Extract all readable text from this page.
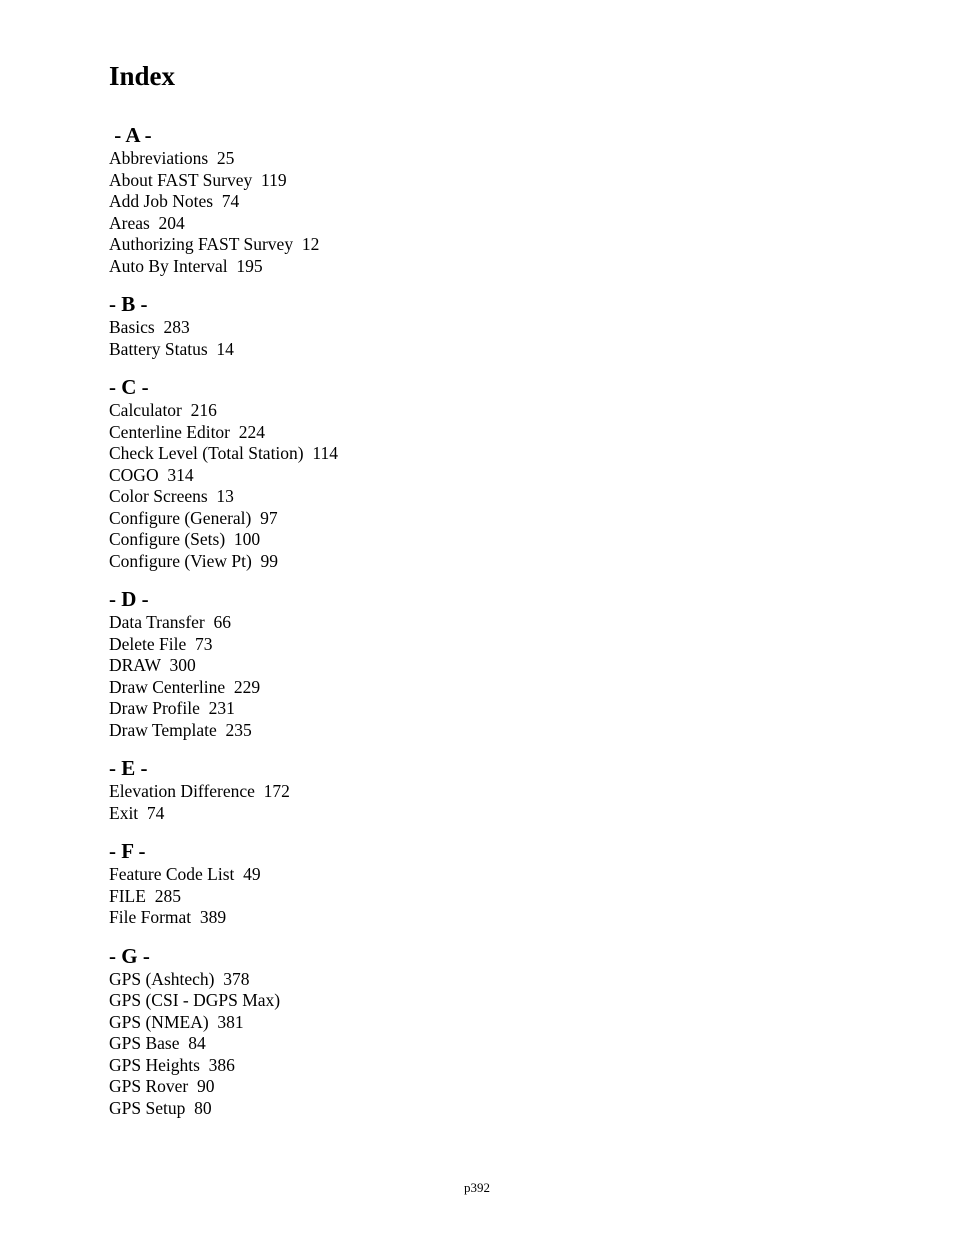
Index
- A -
Abbreviations  25
About FAST Survey  119
Add Job Notes  74
Areas  204
Authorizing FAST Survey  12
Auto By Interval  195
- B -
Basics  283
Battery Status  14
- C -
Calculator  216
Centerline Editor  224
Check Level (Total Station)  114
COGO  314
Color Screens  13
Configure (General)  97
Configure (Sets)  100
Configure (View Pt)  99
- D -
Data Transfer  66
Delete File  73
DRAW  300
Draw Centerline  229
Draw Profile  231
Draw Template  235
- E -
Elevation Difference  172
Exit  74
- F -
Feature Code List  49
FILE  285
File Format  389
- G -
GPS (Ashtech)  378
GPS (CSI - DGPS Max)
GPS (NMEA)  381
GPS Base  84
GPS Heights  386
GPS Rover  90
GPS Setup  80
p392
